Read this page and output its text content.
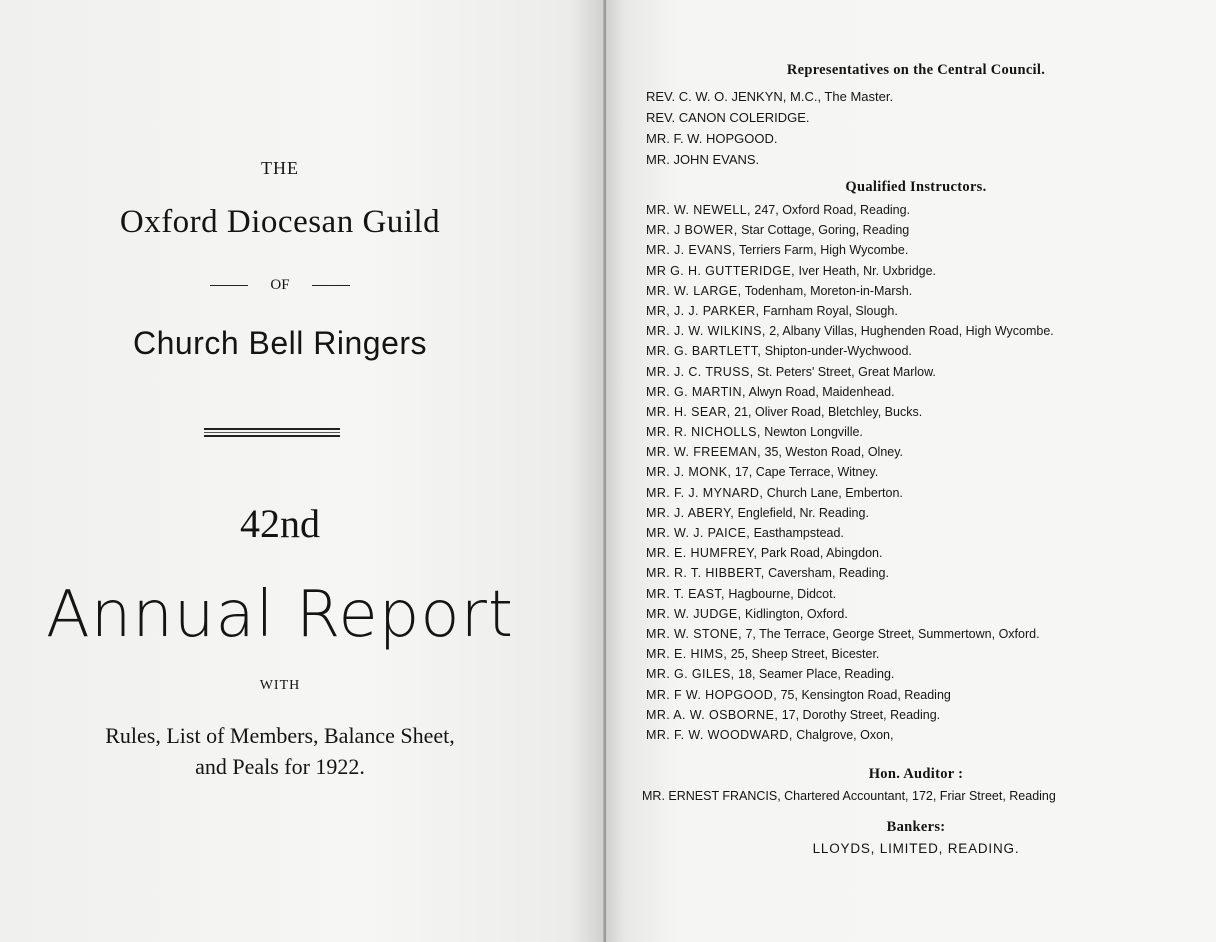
THE
Oxford Diocesan Guild
OF
Church Bell Ringers
42nd
Annual Report
WITH
Rules, List of Members, Balance Sheet,
and Peals for 1922.
Representatives on the Central Council.
REV. C. W. O. JENKYN, M.C., The Master.
REV. CANON COLERIDGE.
MR. F. W. HOPGOOD.
MR. JOHN EVANS.
Qualified Instructors.
MR. W. NEWELL, 247, Oxford Road, Reading.
MR. J BOWER, Star Cottage, Goring, Reading
MR. J. EVANS, Terriers Farm, High Wycombe.
MR G. H. GUTTERIDGE, Iver Heath, Nr. Uxbridge.
MR. W. LARGE, Todenham, Moreton-in-Marsh.
MR, J. J. PARKER, Farnham Royal, Slough.
MR. J. W. WILKINS, 2, Albany Villas, Hughenden Road, High Wycombe.
MR. G. BARTLETT, Shipton-under-Wychwood.
MR. J. C. TRUSS, St. Peters' Street, Great Marlow.
MR. G. MARTIN, Alwyn Road, Maidenhead.
MR. H. SEAR, 21, Oliver Road, Bletchley, Bucks.
MR. R. NICHOLLS, Newton Longville.
MR. W. FREEMAN, 35, Weston Road, Olney.
MR. J. MONK, 17, Cape Terrace, Witney.
MR. F. J. MYNARD, Church Lane, Emberton.
MR. J. ABERY, Englefield, Nr. Reading.
MR. W. J. PAICE, Easthampstead.
MR. E. HUMFREY, Park Road, Abingdon.
MR. R. T. HIBBERT, Caversham, Reading.
MR. T. EAST, Hagbourne, Didcot.
MR. W. JUDGE, Kidlington, Oxford.
MR. W. STONE, 7, The Terrace, George Street, Summertown, Oxford.
MR. E. HIMS, 25, Sheep Street, Bicester.
MR. G. GILES, 18, Seamer Place, Reading.
MR. F W. HOPGOOD, 75, Kensington Road, Reading
MR. A. W. OSBORNE, 17, Dorothy Street, Reading.
MR. F. W. WOODWARD, Chalgrove, Oxon,
Hon. Auditor :
MR. ERNEST FRANCIS, Chartered Accountant, 172, Friar Street, Reading
Bankers:
LLOYDS, LIMITED, READING.
